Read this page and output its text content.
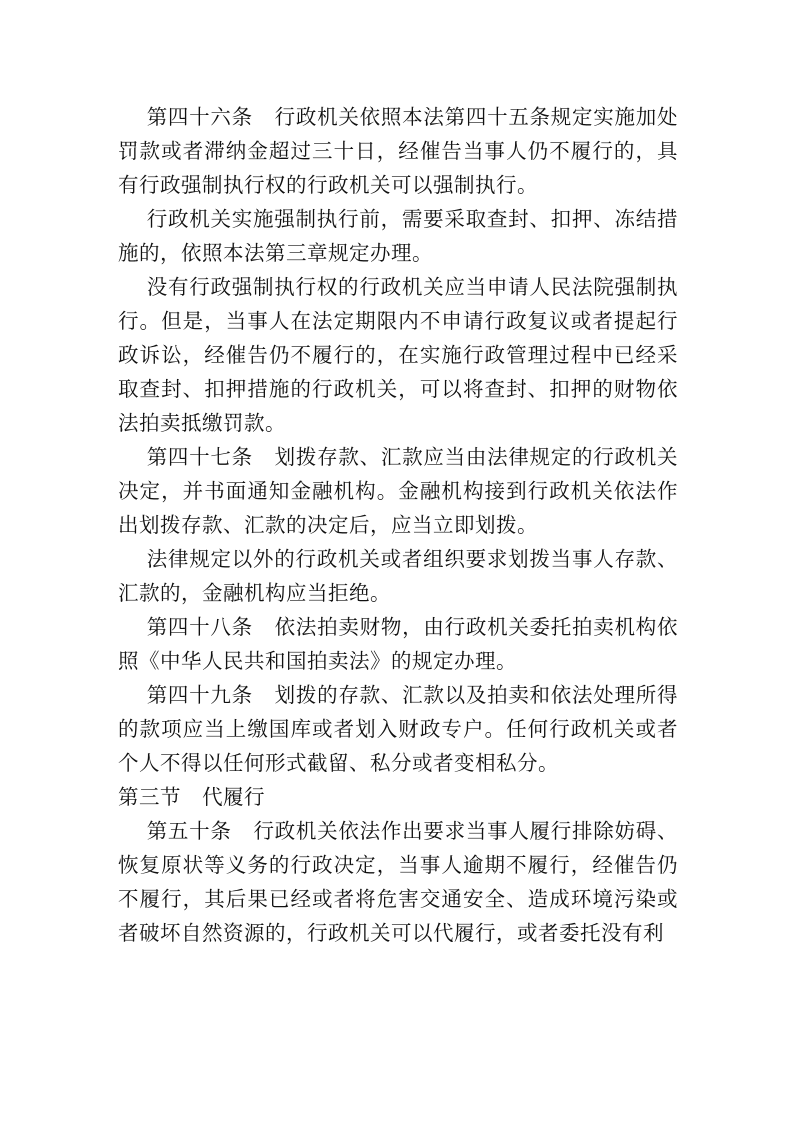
第四十六条 行政机关依照本法第四十五条规定实施加处罚款或者滞纳金超过三十日，经催告当事人仍不履行的，具有行政强制执行权的行政机关可以强制执行。

行政机关实施强制执行前，需要采取查封、扣押、冻结措施的，依照本法第三章规定办理。

没有行政强制执行权的行政机关应当申请人民法院强制执行。但是，当事人在法定期限内不申请行政复议或者提起行政诉讼，经催告仍不履行的，在实施行政管理过程中已经采取查封、扣押措施的行政机关，可以将查封、扣押的财物依法拍卖抵缴罚款。

第四十七条 划拨存款、汇款应当由法律规定的行政机关决定，并书面通知金融机构。金融机构接到行政机关依法作出划拨存款、汇款的决定后，应当立即划拨。

法律规定以外的行政机关或者组织要求划拨当事人存款、汇款的，金融机构应当拒绝。

第四十八条 依法拍卖财物，由行政机关委托拍卖机构依照《中华人民共和国拍卖法》的规定办理。

第四十九条 划拨的存款、汇款以及拍卖和依法处理所得的款项应当上缴国库或者划入财政专户。任何行政机关或者个人不得以任何形式截留、私分或者变相私分。

第三节 代履行

第五十条 行政机关依法作出要求当事人履行排除妨碍、恢复原状等义务的行政决定，当事人逾期不履行，经催告仍不履行，其后果已经或者将危害交通安全、造成环境污染或者破坏自然资源的，行政机关可以代履行，或者委托没有利
